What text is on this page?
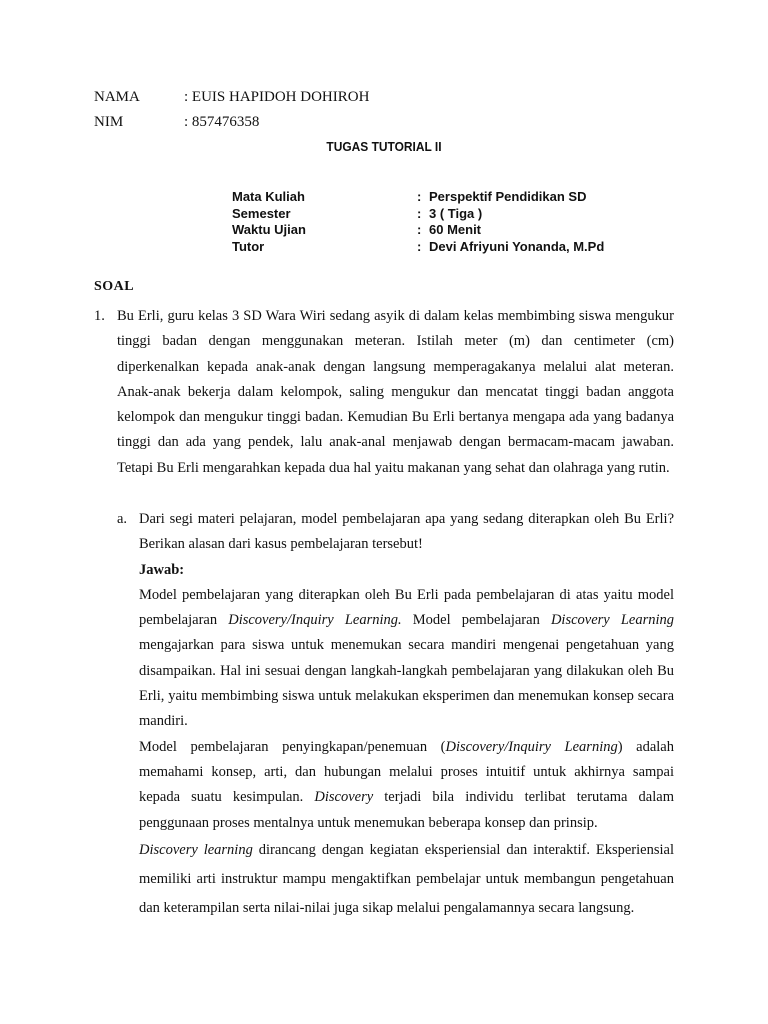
NAMA	: EUIS HAPIDOH DOHIROH
NIM	: 857476358
TUGAS TUTORIAL II
Mata Kuliah	: Perspektif Pendidikan SD
Semester	: 3 ( Tiga )
Waktu Ujian	: 60 Menit
Tutor	: Devi Afriyuni Yonanda, M.Pd
SOAL
1. Bu Erli, guru kelas 3 SD Wara Wiri sedang asyik di dalam kelas membimbing siswa mengukur tinggi badan dengan menggunakan meteran. Istilah meter (m) dan centimeter (cm) diperkenalkan kepada anak-anak dengan langsung memperagakanya melalui alat meteran. Anak-anak bekerja dalam kelompok, saling mengukur dan mencatat tinggi badan anggota kelompok dan mengukur tinggi badan. Kemudian Bu Erli bertanya mengapa ada yang badanya tinggi dan ada yang pendek, lalu anak-anal menjawab dengan bermacam-macam jawaban. Tetapi Bu Erli mengarahkan kepada dua hal yaitu makanan yang sehat dan olahraga yang rutin.
a. Dari segi materi pelajaran, model pembelajaran apa yang sedang diterapkan oleh Bu Erli? Berikan alasan dari kasus pembelajaran tersebut!
Jawab:
Model pembelajaran yang diterapkan oleh Bu Erli pada pembelajaran di atas yaitu model pembelajaran Discovery/Inquiry Learning. Model pembelajaran Discovery Learning mengajarkan para siswa untuk menemukan secara mandiri mengenai pengetahuan yang disampaikan. Hal ini sesuai dengan langkah-langkah pembelajaran yang dilakukan oleh Bu Erli, yaitu membimbing siswa untuk melakukan eksperimen dan menemukan konsep secara mandiri.
Model pembelajaran penyingkapan/penemuan (Discovery/Inquiry Learning) adalah memahami konsep, arti, dan hubungan melalui proses intuitif untuk akhirnya sampai kepada suatu kesimpulan. Discovery terjadi bila individu terlibat terutama dalam penggunaan proses mentalnya untuk menemukan beberapa konsep dan prinsip.
Discovery learning dirancang dengan kegiatan eksperiensial dan interaktif. Eksperiensial memiliki arti instruktur mampu mengaktifkan pembelajar untuk membangun pengetahuan dan keterampilan serta nilai-nilai juga sikap melalui pengalamannya secara langsung.
